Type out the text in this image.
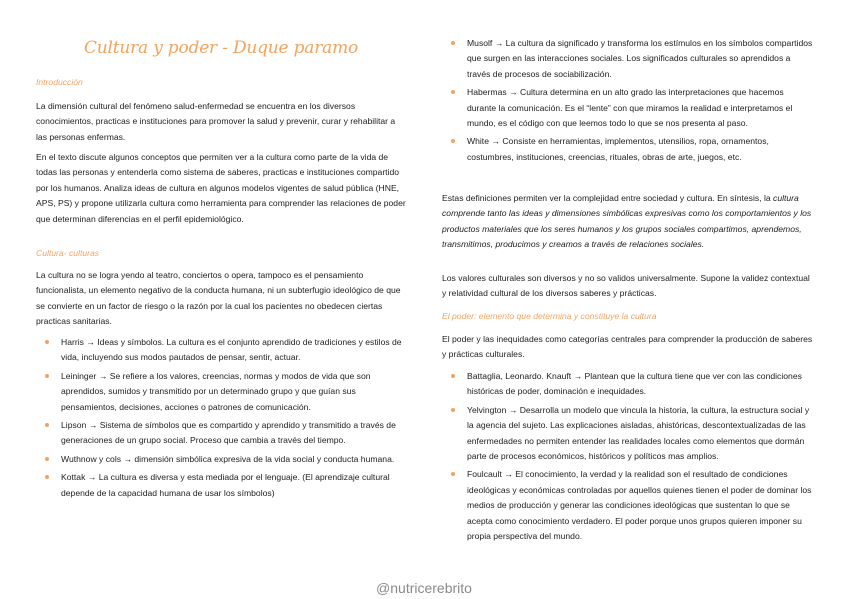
Cultura y poder - Duque paramo
Introducción

La dimensión cultural del fenómeno salud-enfermedad se encuentra en los diversos conocimientos, practicas e instituciones para promover la salud y prevenir, curar y rehabilitar a las personas enfermas.

En el texto discute algunos conceptos que permiten ver a la cultura como parte de la vida de todas las personas y entenderla como sistema de saberes, practicas e instituciones compartido por los humanos. Analiza ideas de cultura en algunos modelos vigentes de salud pública (HNE, APS, PS) y propone utilizarla cultura como herramienta para comprender las relaciones de poder que determinan diferencias en el perfil epidemiológico.

Cultura- culturas

La cultura no se logra yendo al teatro, conciertos o opera, tampoco es el pensamiento funcionalista, un elemento negativo de la conducta humana, ni un subterfugio ideológico de que se convierte en un factor de riesgo o la razón por la cual los pacientes no obedecen ciertas practicas sanitarias.

Harris → Ideas y símbolos. La cultura es el conjunto aprendido de tradiciones y estilos de vida, incluyendo sus modos pautados de pensar, sentir, actuar.
Leininger → Se refiere a los valores, creencias, normas y modos de vida que son aprendidos, sumidos y transmitido por un determinado grupo y que guían sus pensamientos, decisiones, acciones o patrones de comunicación.
Lipson → Sistema de símbolos que es compartido y aprendido y transmitido a través de generaciones de un grupo social. Proceso que cambia a través del tiempo.
Wuthnow y cols → dimensión simbólica expresiva de la vida social y conducta humana.
Kottak → La cultura es diversa y esta mediada por el lenguaje. (El aprendizaje cultural depende de la capacidad humana de usar los símbolos)
Musolf → La cultura da significado y transforma los estímulos en los símbolos compartidos que surgen en las interacciones sociales. Los significados culturales so aprendidos a través de procesos de sociabilización.
Habermas → Cultura determina en un alto grado las interpretaciones que hacemos durante la comunicación. Es el “lente” con que miramos la realidad e interpretamos el mundo, es el código con que leemos todo lo que se nos presenta al paso.
White → Consiste en herramientas, implementos, utensilios, ropa, ornamentos, costumbres, instituciones, creencias, rituales, obras de arte, juegos, etc.

Estas definiciones permiten ver la complejidad entre sociedad y cultura. En síntesis, la cultura comprende tanto las ideas y dimensiones simbólicas expresivas como los comportamientos y los productos materiales que los seres humanos y los grupos sociales compartimos, aprendemos, transmitimos, producimos y creamos a través de relaciones sociales.

Los valores culturales son diversos y no so validos universalmente. Supone la validez contextual y relatividad cultural de los diversos saberes y prácticas.

El poder: elemento que determina y constituye la cultura

El poder y las inequidades como categorías centrales para comprender la producción de saberes y prácticas culturales.

Battaglia, Leonardo. Knauft → Plantean que la cultura tiene que ver con las condiciones históricas de poder, dominación e inequidades.
Yelvington → Desarrolla un modelo que vincula la historia, la cultura, la estructura social y la agencia del sujeto. Las explicaciones aisladas, ahistóricas, descontextualizadas de las enfermedades no permiten entender las realidades locales como elementos que dormán parte de procesos económicos, históricos y políticos mas amplios.
Foulcault → El conocimiento, la verdad y la realidad son el resultado de condiciones ideológicas y económicas controladas por aquellos quienes tienen el poder de dominar los medios de producción y generar las condiciones ideológicas que sustentan lo que se acepta como conocimiento verdadero. El poder porque unos grupos quieren imponer su propia perspectiva del mundo.
@nutricerebrito
